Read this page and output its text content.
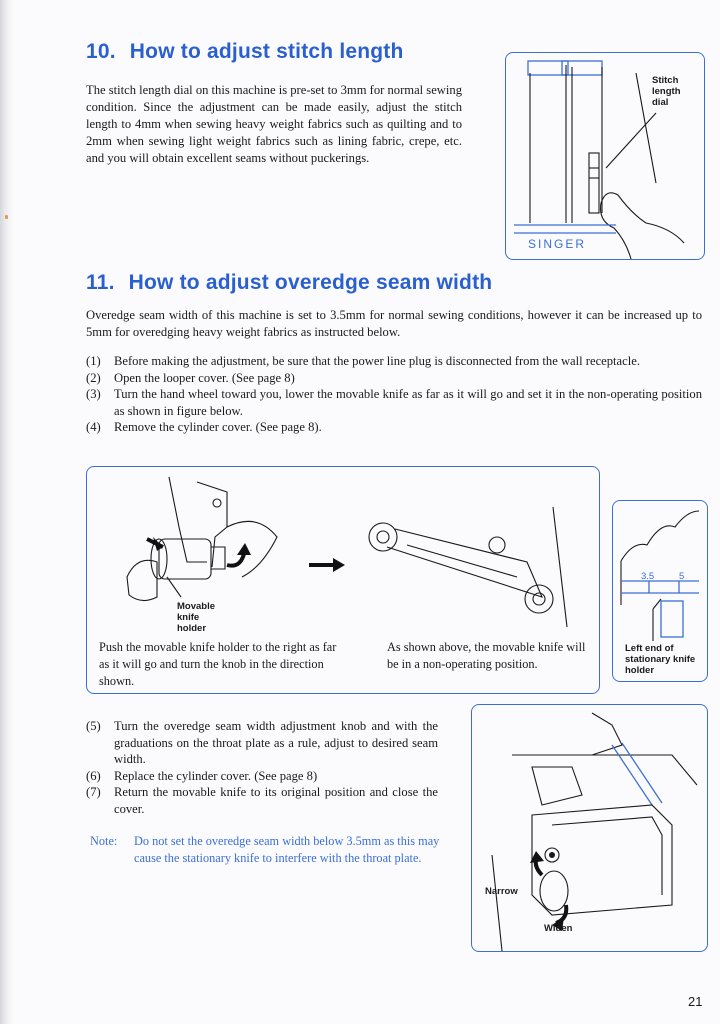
10. How to adjust stitch length

The stitch length dial on this machine is pre-set to 3mm for normal sewing condition. Since the adjustment can be made easily, adjust the stitch length to 4mm when sewing heavy weight fabrics such as quilting and to 2mm when sewing light weight fabrics such as lining fabric, crepe, etc. and you will obtain excellent seams without puckerings.

Stitch length dial
SINGER
11. How to adjust overedge seam width

Overedge seam width of this machine is set to 3.5mm for normal sewing conditions, however it can be increased up to 5mm for overedging heavy weight fabrics as instructed below.

(1) Before making the adjustment, be sure that the power line plug is disconnected from the wall receptacle.
(2) Open the looper cover. (See page 8)
(3) Turn the hand wheel toward you, lower the movable knife as far as it will go and set it in the non-operating position as shown in figure below.
(4) Remove the cylinder cover. (See page 8).
Movable knife holder
Push the movable knife holder to the right as far as it will go and turn the knob in the direction shown.
As shown above, the movable knife will be in a non-operating position.
3.5	5
Left end of stationary knife holder
(5) Turn the overedge seam width adjustment knob and with the graduations on the throat plate as a rule, adjust to desired seam width.
(6) Replace the cylinder cover. (See page 8)
(7) Return the movable knife to its original position and close the cover.
Note: Do not set the overedge seam width below 3.5mm as this may cause the stationary knife to interfere with the throat plate.
Narrow
Widen
21
